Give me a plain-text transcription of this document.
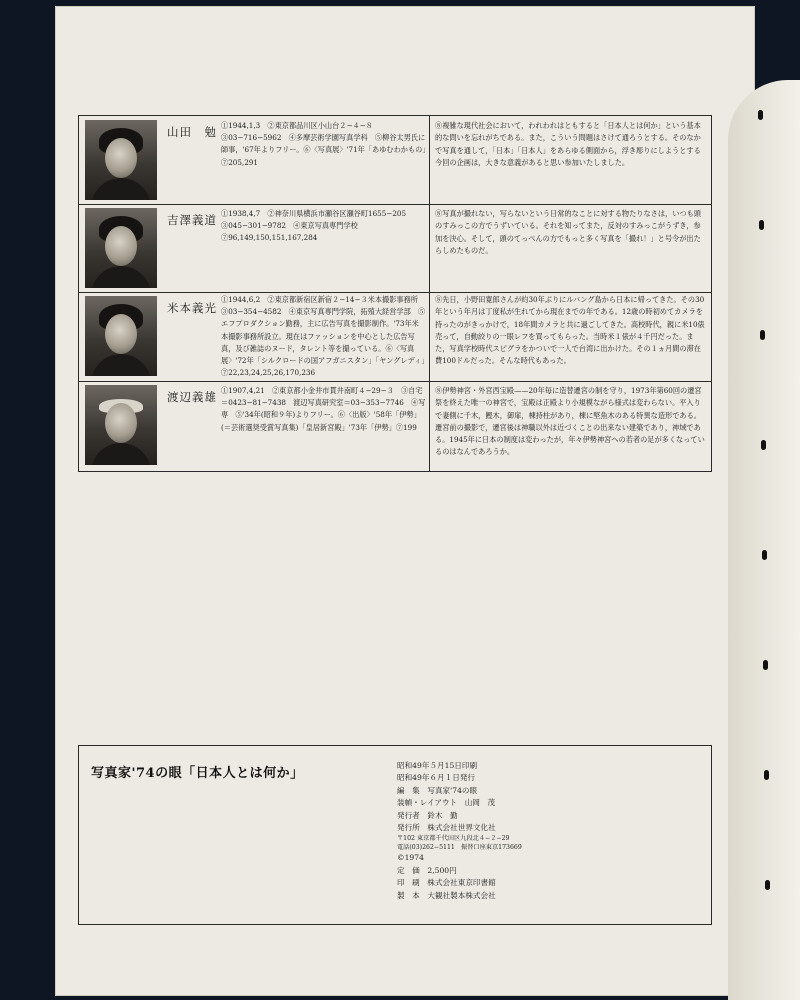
山田　勉 ①1944,1,3　②東京都品川区小山台２−４−８　③03−716−5962　④多摩芸術学園写真学科　⑤柳谷太男氏に師事，'67年よりフリー。⑥〈写真展〉'71年「あゆむわかもの」　⑦205,291
⑧複雑な現代社会において，われわれはともすると「日本人とは何か」という基本的な問いを忘れがちである。また，こういう問題はさけて通ろうとする。そのなかで写真を通して，「日本」「日本人」をあらゆる側面から，浮き彫りにしようとする今回の企画は，大きな意義があると思い参加いたしました。
吉澤義道 ①1938,4,7　②神奈川県横浜市瀬谷区瀬谷町1655−205　③045−301−9782　④東京写真専門学校　⑦96,149,150,151,167,284
⑧写真が撮れない，写らないという日常的なことに対する物たりなさは，いつも頭のすみっこの方でうずいている。それを知ってまた，反対のすみっこがうずき，参加を決心。そして，頭のてっぺんの方でもっと多く写真を「撮れ！」と号令が出たらしめたものだ。
米本義光
①1944,6,2　②東京都新宿区新宿２−14−３米本撮影事務所　③03−354−4582　④東京写真専門学院，拓殖大経営学部　⑤エフプロダクション勤務，主に広告写真を撮影制作。'73年米本撮影事務所設立。現在はファッションを中心とした広告写真，及び雑誌のヌード，タレント等を撮っている。⑥〈写真展〉'72年「シルクロードの国アフガニスタン」「ヤングレディ」⑦22,23,24,25,26,170,236
⑧先日，小野田寛郎さんが約30年ぶりにルバング島から日本に帰ってきた。その30年という年月は丁度私が生れてから現在までの年である。12歳の時初めてカメラを持ったのがきっかけで，18年間カメラと共に過ごしてきた。高校時代，親に米10俵売って，自動絞りの一眼レフを買ってもらった。当時米１俵が４千円だった。また，写真学校時代スピグラをかついで一人で台湾に出かけた。その１ヵ月間の滞在費100ドルだった。そんな時代もあった。
渡辺義雄 ①1907,4,21　②東京都小金井市貫井南町４−29−３　③自宅＝0423−81−7438　渡辺写真研究室＝03−353−7746　④写専　⑤'34年(昭和９年)よりフリー。⑥〈出版〉'58年「伊勢」(＝芸術選奨受賞写真集)「皇居新宮殿」'73年「伊勢」⑦199
⑧伊勢神宮・外宮西宝殿——20年毎に造替遷宮の制を守り，1973年第60回の遷宮祭を終えた唯一の神宮で，宝殿は正殿より小規模ながら様式は変わらない。平入りで妻側に千木，鰹木，御扉，棟持柱があり，棟に堅魚木のある特異な造形である。遷宮前の撮影で，遷宮後は神職以外は近づくことの出来ない建築であり，神域である。1945年に日本の制度は変わったが，年々伊勢神宮への若者の足が多くなっているのはなんであろうか。
写真家'74の眼「日本人とは何か」
昭和49年５月15日印刷
昭和49年６月１日発行
編　集　写真家'74の眼
装幀・レイアウト　山岡　茂
発行者　鈴木　勤
発行所　株式会社世界文化社
〒102 東京都千代田区九段北４−２−29
電話(03)262−5111　振替口座東京173669
©1974
定　価　2,500円
印　刷　株式会社東京印書館
製　本　大観社製本株式会社
